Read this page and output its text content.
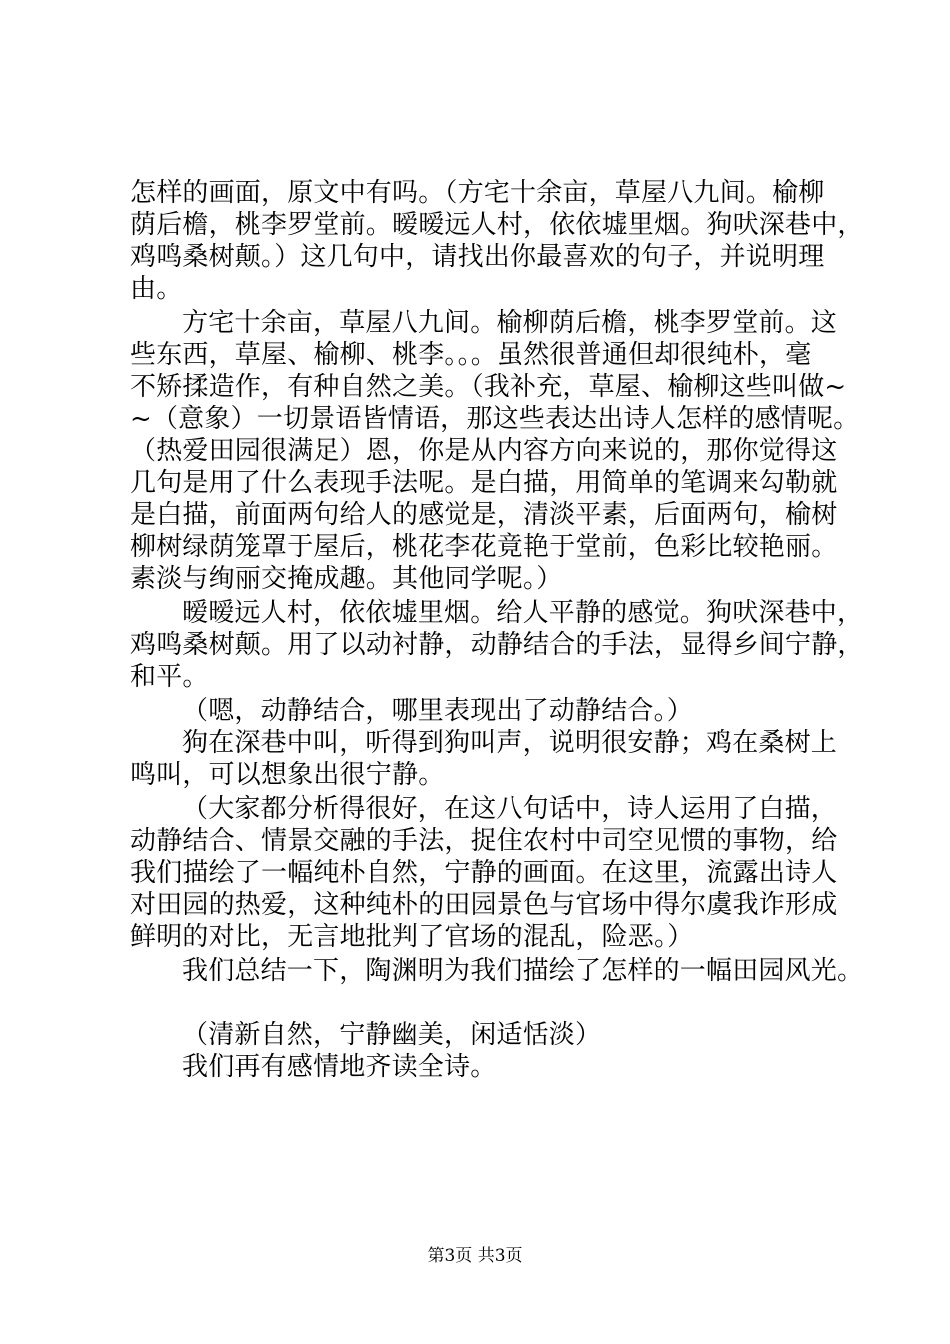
怎样的画面，原文中有吗。（方宅十余亩，草屋八九间。榆柳
荫后檐，桃李罗堂前。暧暧远人村，依依墟里烟。狗吠深巷中，
鸡鸣桑树颠。）这几句中，请找出你最喜欢的句子，并说明理
由。
方宅十余亩，草屋八九间。榆柳荫后檐，桃李罗堂前。这
些东西，草屋、榆柳、桃李。。。虽然很普通但却很纯朴，毫
不矫揉造作，有种自然之美。（我补充，草屋、榆柳这些叫做~
~（意象）一切景语皆情语，那这些表达出诗人怎样的感情呢。
（热爱田园很满足）恩，你是从内容方向来说的，那你觉得这
几句是用了什么表现手法呢。是白描，用简单的笔调来勾勒就
是白描，前面两句给人的感觉是，清淡平素，后面两句，榆树
柳树绿荫笼罩于屋后，桃花李花竟艳于堂前，色彩比较艳丽。
素淡与绚丽交掩成趣。其他同学呢。）
暧暧远人村，依依墟里烟。给人平静的感觉。狗吠深巷中，
鸡鸣桑树颠。用了以动衬静，动静结合的手法，显得乡间宁静，
和平。
（嗯，动静结合，哪里表现出了动静结合。）
狗在深巷中叫，听得到狗叫声，说明很安静；鸡在桑树上
鸣叫，可以想象出很宁静。
（大家都分析得很好，在这八句话中，诗人运用了白描，
动静结合、情景交融的手法，捉住农村中司空见惯的事物，给
我们描绘了一幅纯朴自然，宁静的画面。在这里，流露出诗人
对田园的热爱，这种纯朴的田园景色与官场中得尔虞我诈形成
鲜明的对比，无言地批判了官场的混乱，险恶。）
我们总结一下，陶渊明为我们描绘了怎样的一幅田园风光。
（清新自然，宁静幽美，闲适恬淡）
我们再有感情地齐读全诗。
第3页 共3页
